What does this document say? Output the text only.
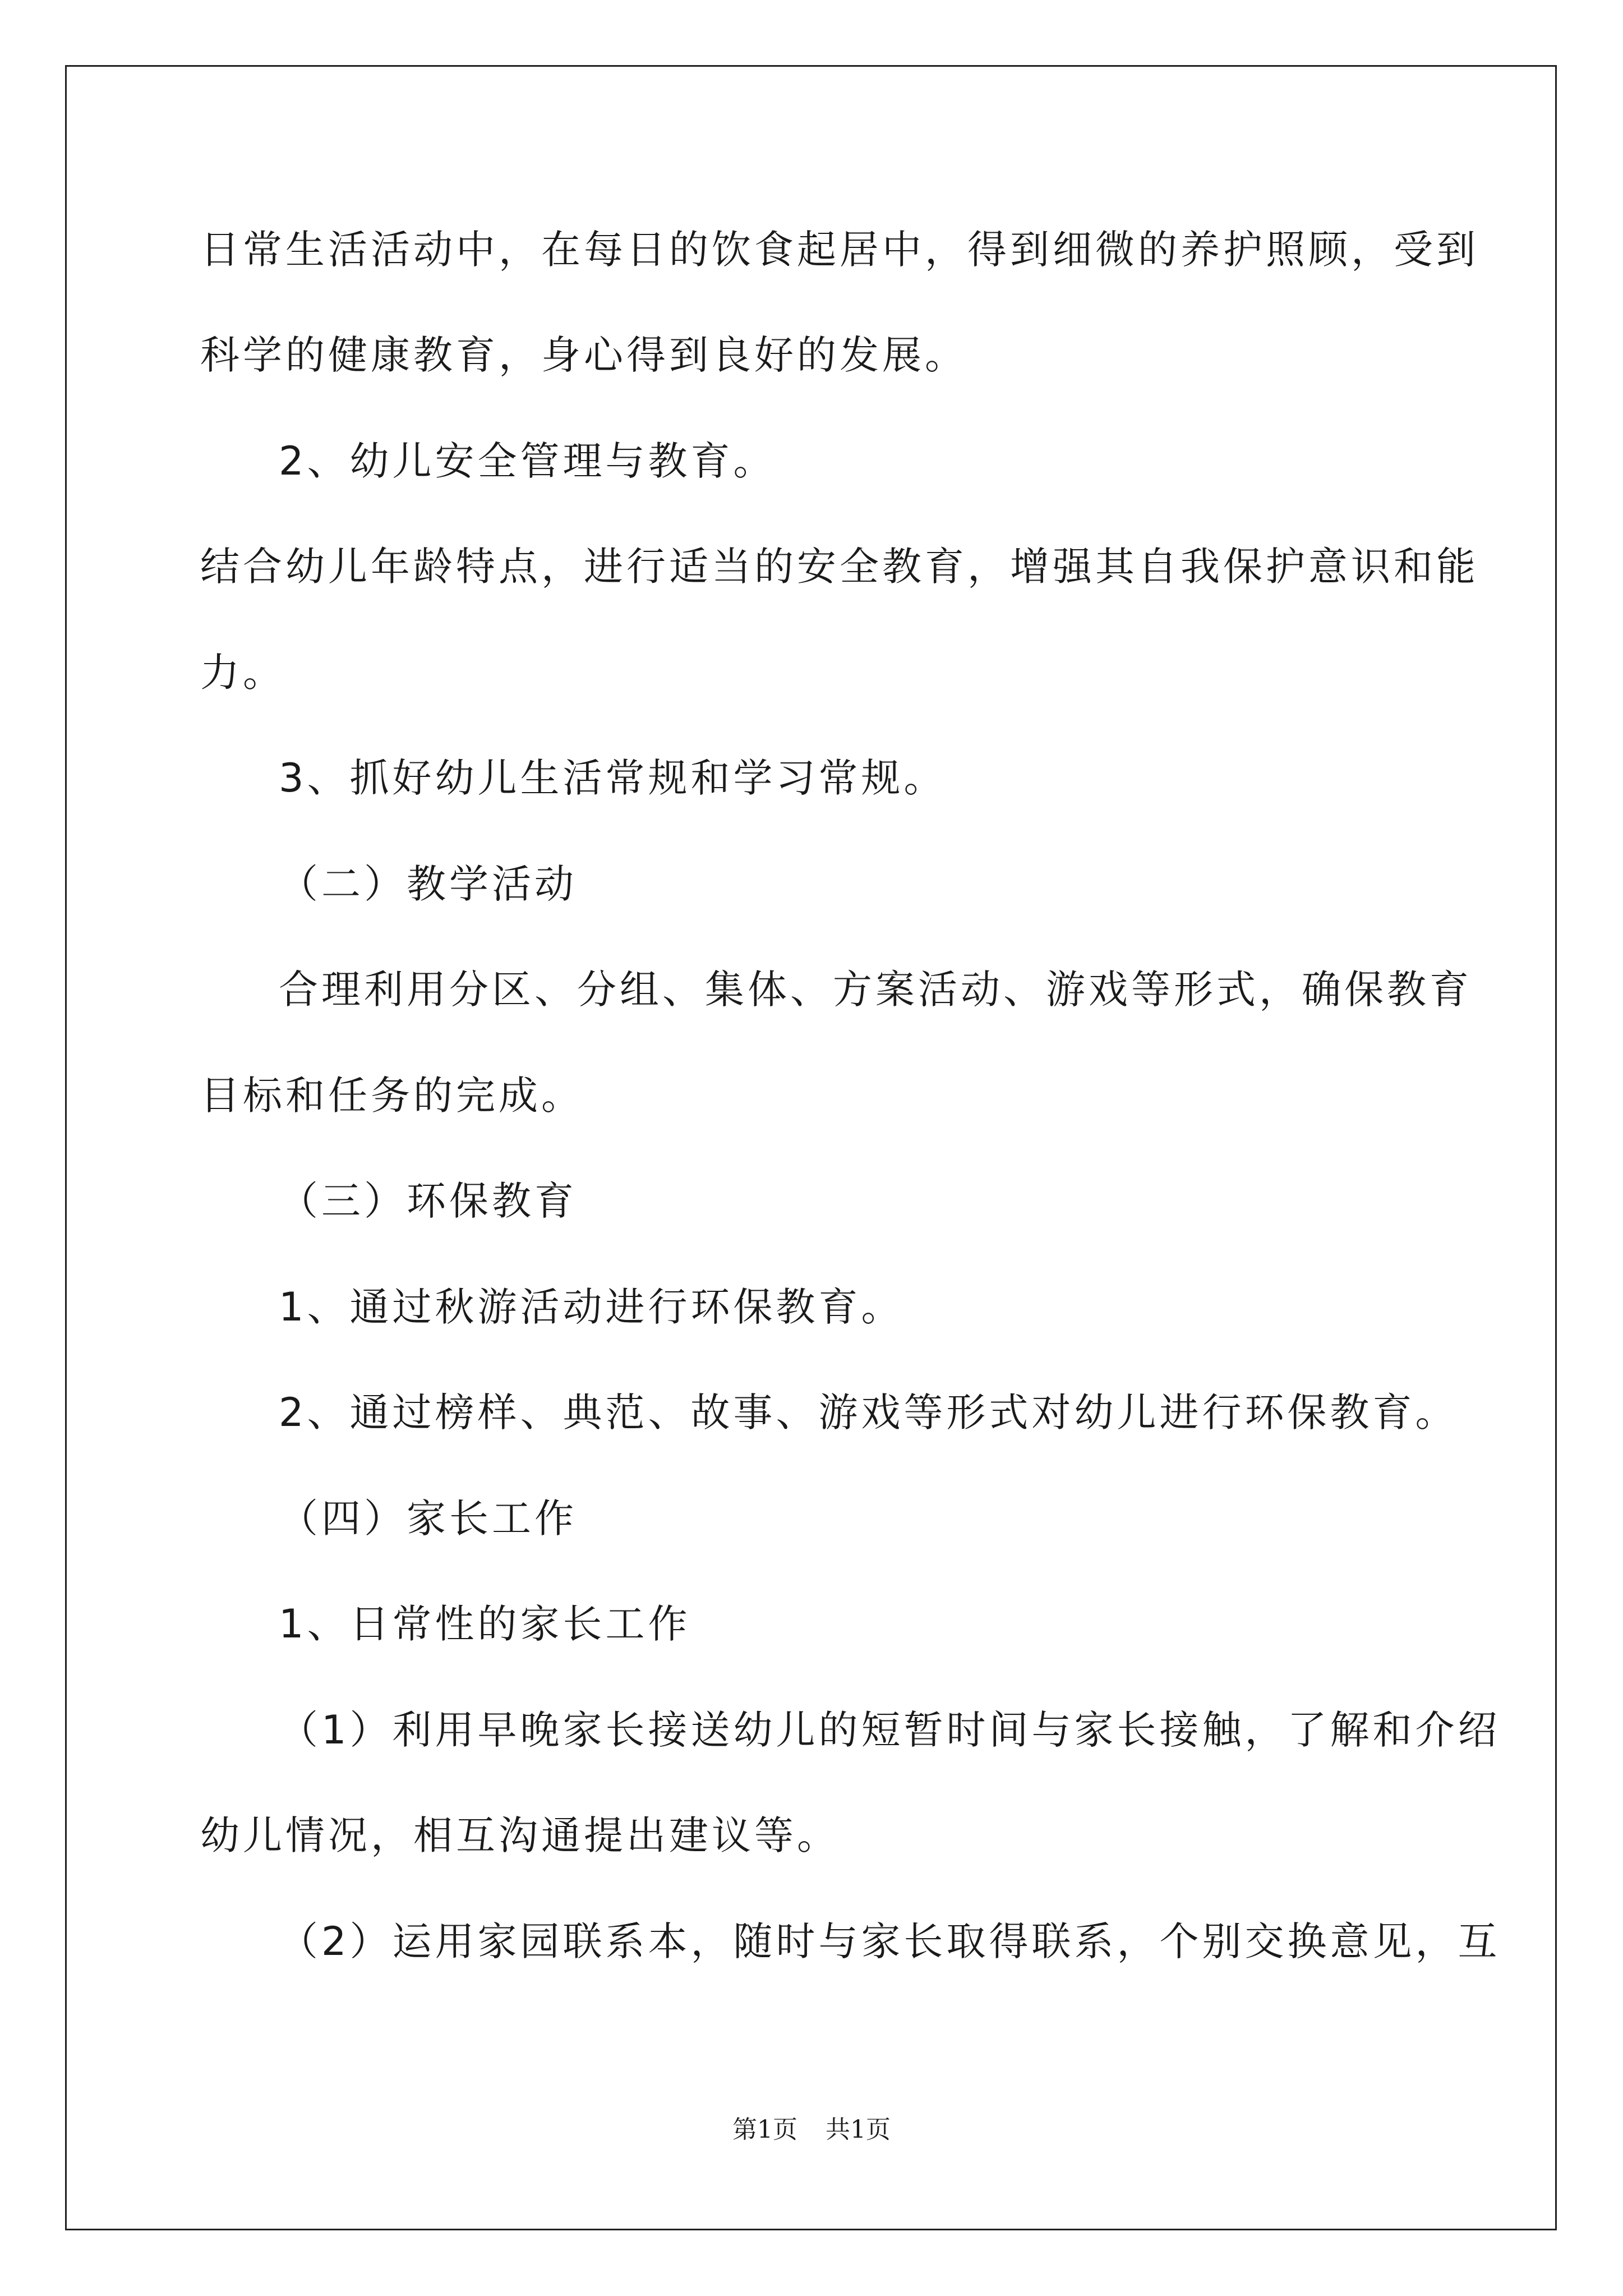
日常生活活动中，在每日的饮食起居中，得到细微的养护照顾，受到
科学的健康教育，身心得到良好的发展。
2、幼儿安全管理与教育。
结合幼儿年龄特点，进行适当的安全教育，增强其自我保护意识和能
力。
3、抓好幼儿生活常规和学习常规。
（二）教学活动
合理利用分区、分组、集体、方案活动、游戏等形式，确保教育
目标和任务的完成。
（三）环保教育
1、通过秋游活动进行环保教育。
2、通过榜样、典范、故事、游戏等形式对幼儿进行环保教育。
（四）家长工作
1、日常性的家长工作
（1）利用早晚家长接送幼儿的短暂时间与家长接触，了解和介绍
幼儿情况，相互沟通提出建议等。
（2）运用家园联系本，随时与家长取得联系，个别交换意见，互
第1页 共1页
